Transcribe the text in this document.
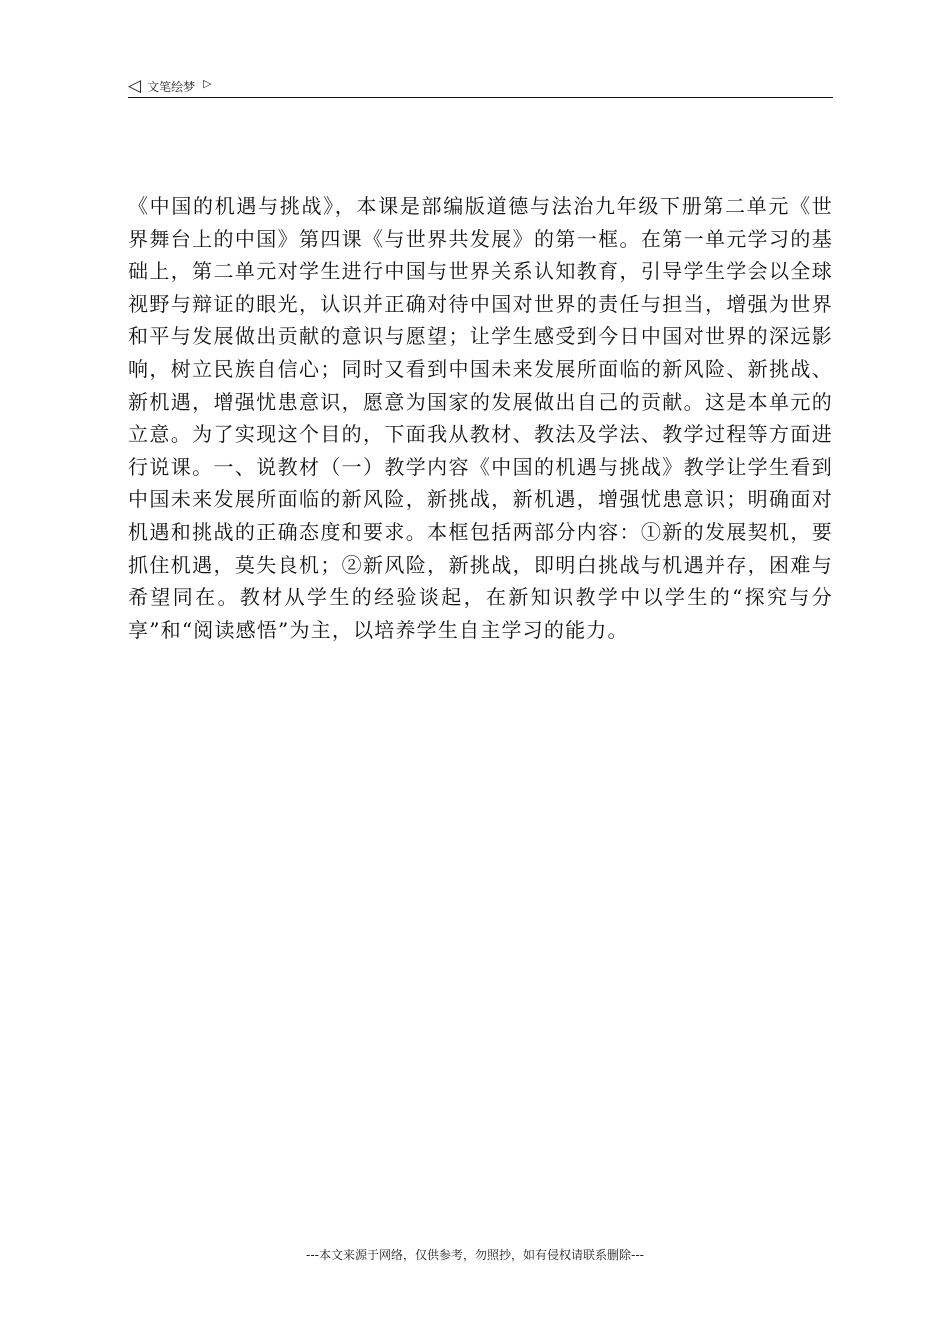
◁ 文笔绘梦 ▷

《中国的机遇与挑战》，本课是部编版道德与法治九年级下册第二单元《世界舞台上的中国》第四课《与世界共发展》的第一框。在第一单元学习的基础上，第二单元对学生进行中国与世界关系认知教育，引导学生学会以全球视野与辩证的眼光，认识并正确对待中国对世界的责任与担当，增强为世界和平与发展做出贡献的意识与愿望；让学生感受到今日中国对世界的深远影响，树立民族自信心；同时又看到中国未来发展所面临的新风险、新挑战、新机遇，增强忧患意识，愿意为国家的发展做出自己的贡献。这是本单元的立意。为了实现这个目的，下面我从教材、教法及学法、教学过程等方面进行说课。一、说教材（一）教学内容《中国的机遇与挑战》教学让学生看到中国未来发展所面临的新风险，新挑战，新机遇，增强忧患意识；明确面对机遇和挑战的正确态度和要求。本框包括两部分内容：①新的发展契机，要抓住机遇，莫失良机；②新风险，新挑战，即明白挑战与机遇并存，困难与希望同在。教材从学生的经验谈起，在新知识教学中以学生的“探究与分享”和“阅读感悟”为主，以培养学生自主学习的能力。

---本文来源于网络，仅供参考，勿照抄，如有侵权请联系删除---
